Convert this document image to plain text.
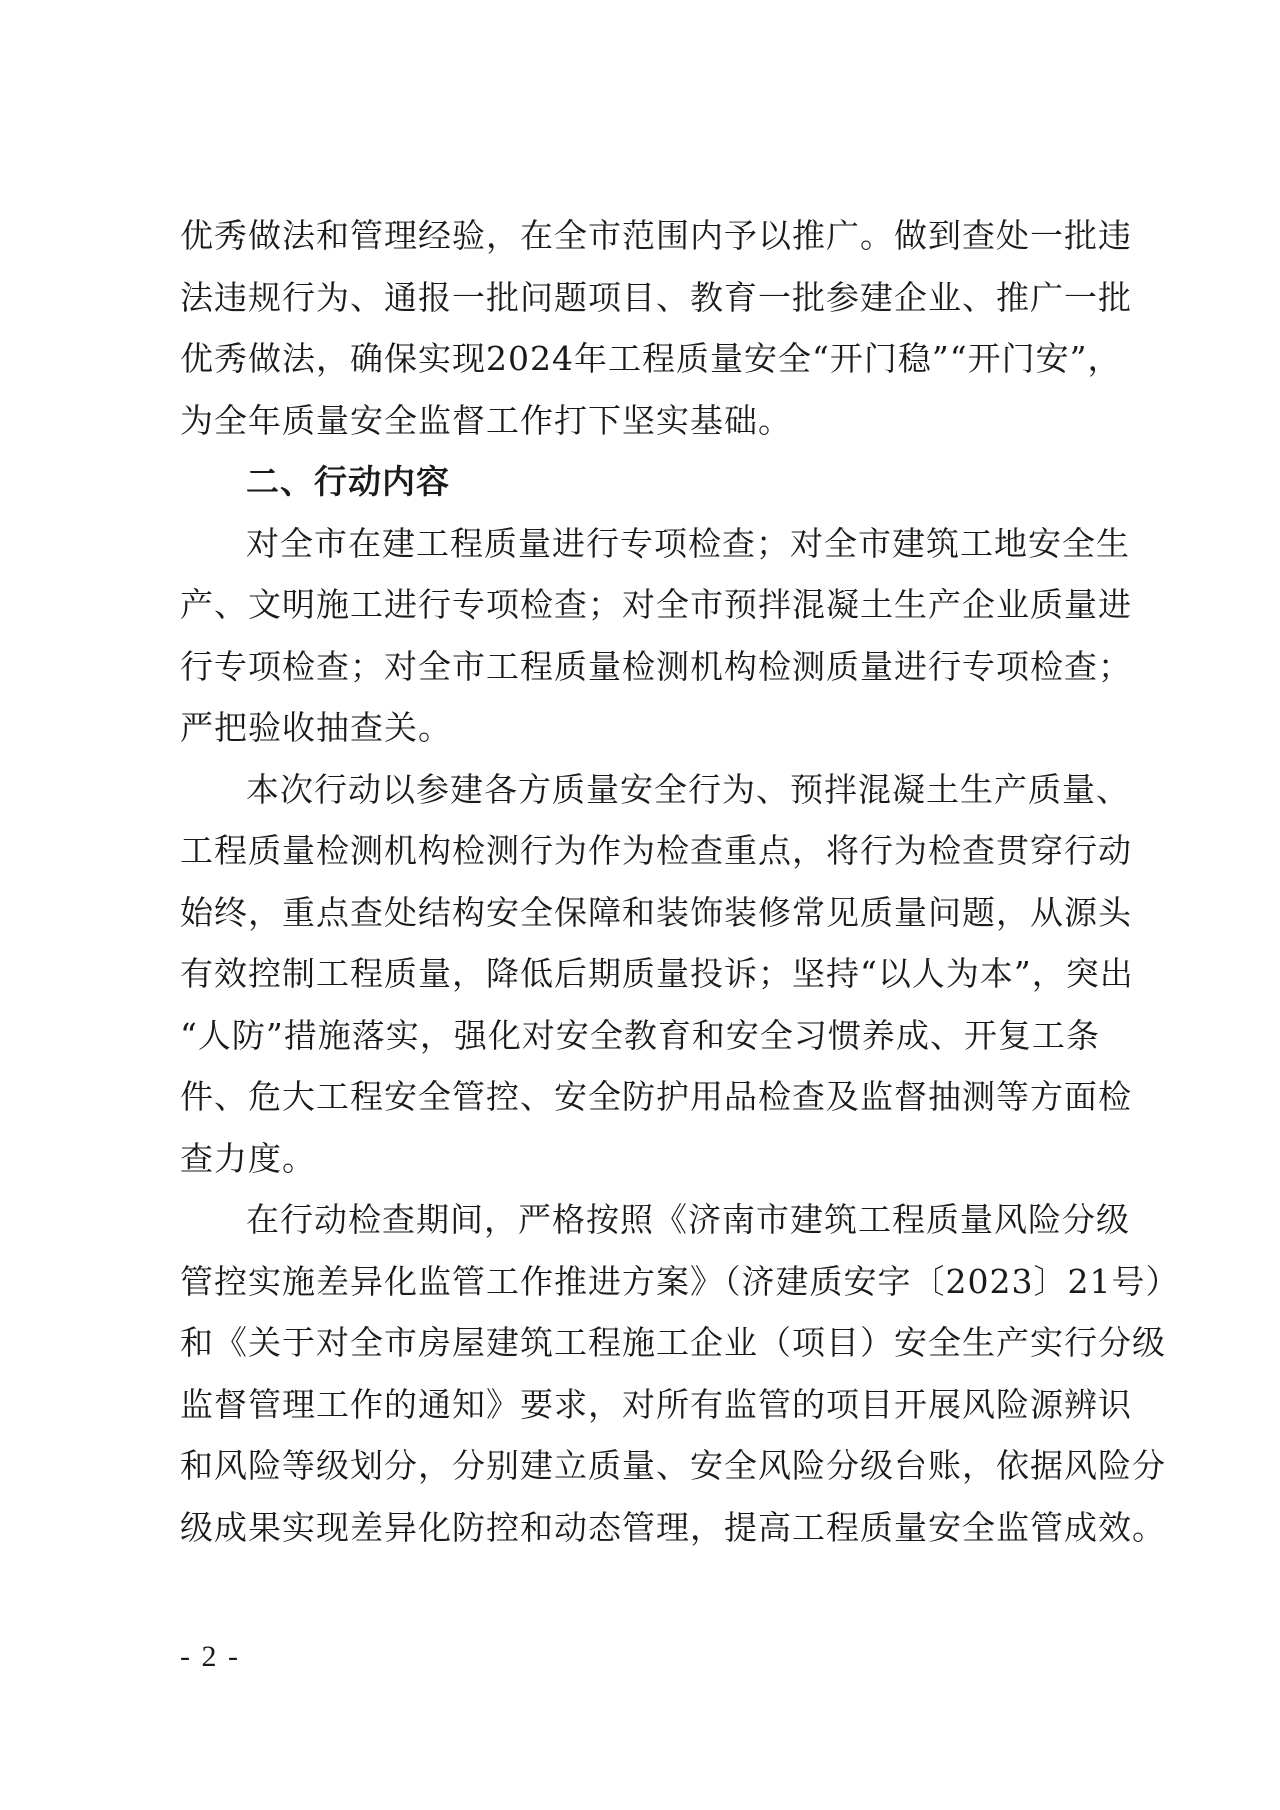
优秀做法和管理经验，在全市范围内予以推广。做到查处一批违
法违规行为、通报一批问题项目、教育一批参建企业、推广一批
优秀做法，确保实现2024年工程质量安全“开门稳”“开门安”，
为全年质量安全监督工作打下坚实基础。
二、行动内容
对全市在建工程质量进行专项检查；对全市建筑工地安全生
产、文明施工进行专项检查；对全市预拌混凝土生产企业质量进
行专项检查；对全市工程质量检测机构检测质量进行专项检查；
严把验收抽查关。
本次行动以参建各方质量安全行为、预拌混凝土生产质量、
工程质量检测机构检测行为作为检查重点，将行为检查贯穿行动
始终，重点查处结构安全保障和装饰装修常见质量问题，从源头
有效控制工程质量，降低后期质量投诉；坚持“以人为本”，突出
“人防”措施落实，强化对安全教育和安全习惯养成、开复工条
件、危大工程安全管控、安全防护用品检查及监督抽测等方面检
查力度。
在行动检查期间，严格按照《济南市建筑工程质量风险分级
管控实施差异化监管工作推进方案》（济建质安字〔2023〕21号）
和《关于对全市房屋建筑工程施工企业（项目）安全生产实行分级
监督管理工作的通知》要求，对所有监管的项目开展风险源辨识
和风险等级划分，分别建立质量、安全风险分级台账，依据风险分
级成果实现差异化防控和动态管理，提高工程质量安全监管成效。
- 2 -
